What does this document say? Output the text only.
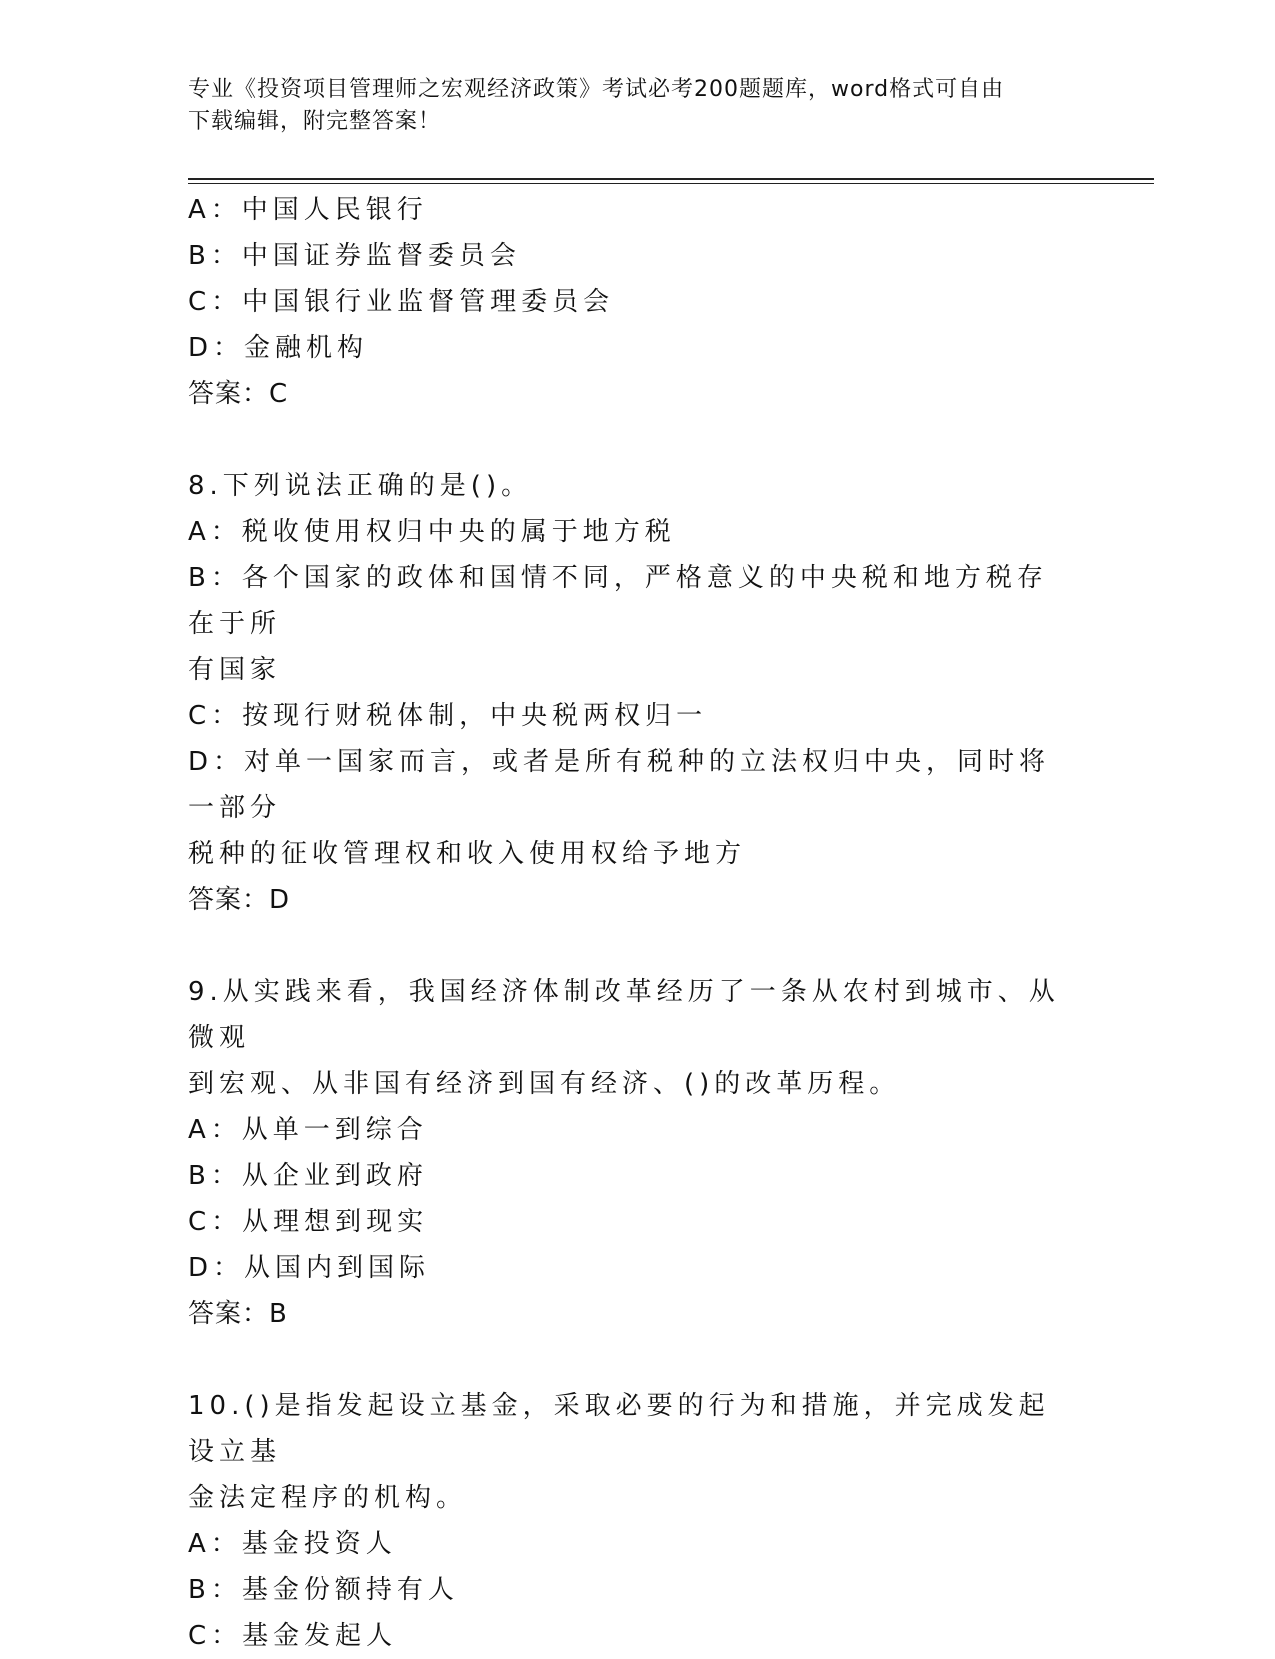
专业《投资项目管理师之宏观经济政策》考试必考200题题库，word格式可自由
下载编辑，附完整答案！
A：中国人民银行
B：中国证券监督委员会
C：中国银行业监督管理委员会
D：金融机构
答案：C
8.下列说法正确的是()。
A：税收使用权归中央的属于地方税
B：各个国家的政体和国情不同，严格意义的中央税和地方税存在于所
有国家
C：按现行财税体制，中央税两权归一
D：对单一国家而言，或者是所有税种的立法权归中央，同时将一部分
税种的征收管理权和收入使用权给予地方
答案：D
9.从实践来看，我国经济体制改革经历了一条从农村到城市、从微观
到宏观、从非国有经济到国有经济、()的改革历程。
A：从单一到综合
B：从企业到政府
C：从理想到现实
D：从国内到国际
答案：B
10.()是指发起设立基金，采取必要的行为和措施，并完成发起设立基
金法定程序的机构。
A：基金投资人
B：基金份额持有人
C：基金发起人
